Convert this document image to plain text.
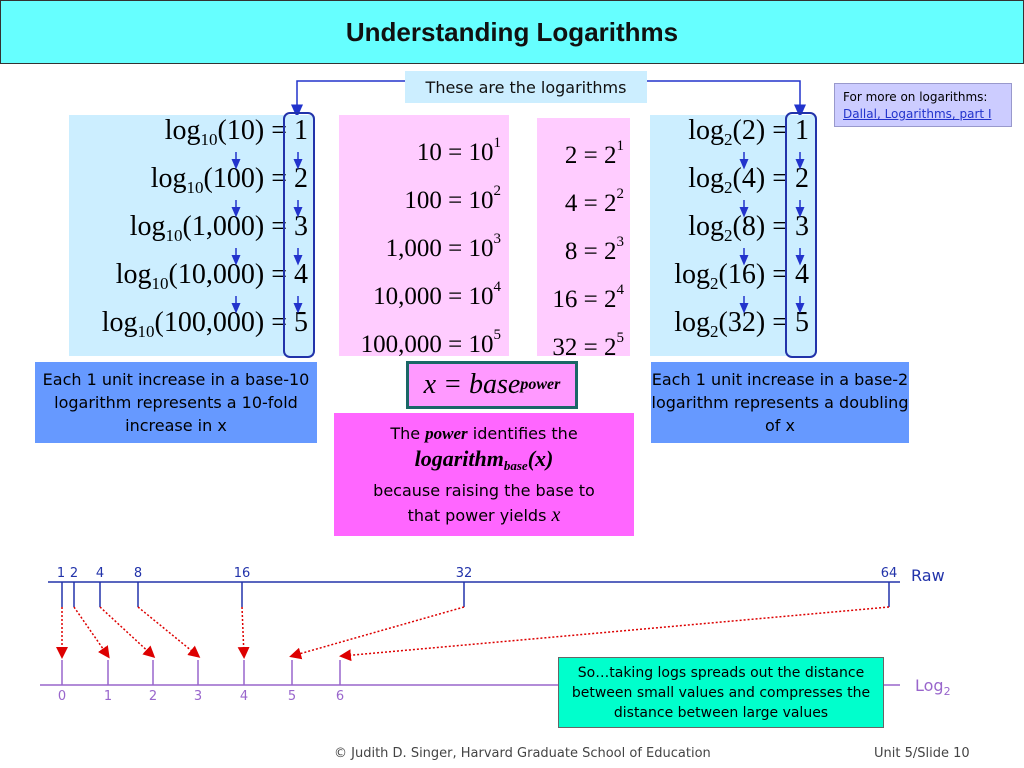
Understanding Logarithms
These are the logarithms
For more on logarithms:
Dallal, Logarithms, part I
$\log_{10}(10) = 1$
$\log_{10}(100) = 2$
$\log_{10}(1,000) = 3$
$\log_{10}(10,000) = 4$
$\log_{10}(100,000) = 5$
$10 = 10^1$
$100 = 10^2$
$1,000 = 10^3$
$10,000 = 10^4$
$100,000 = 10^5$
$2 = 2^1$
$4 = 2^2$
$8 = 2^3$
$16 = 2^4$
$32 = 2^5$
$\log_2(2) = 1$
$\log_2(4) = 2$
$\log_2(8) = 3$
$\log_2(16) = 4$
$\log_2(32) = 5$
Each 1 unit increase in a base-10 logarithm represents a 10-fold increase in x
Each 1 unit increase in a base-2 logarithm represents a doubling of x
x = base power
The power identifies the
logarithm$_{base}$(x)
because raising the base to
that power yields x
Raw
Log$_2$
1 2 4 8	16	32	64
0	1	2	3	4	5	6
So…taking logs spreads out the distance between small values and compresses the distance between large values
© Judith D. Singer, Harvard Graduate School of Education	Unit 5/Slide 10
